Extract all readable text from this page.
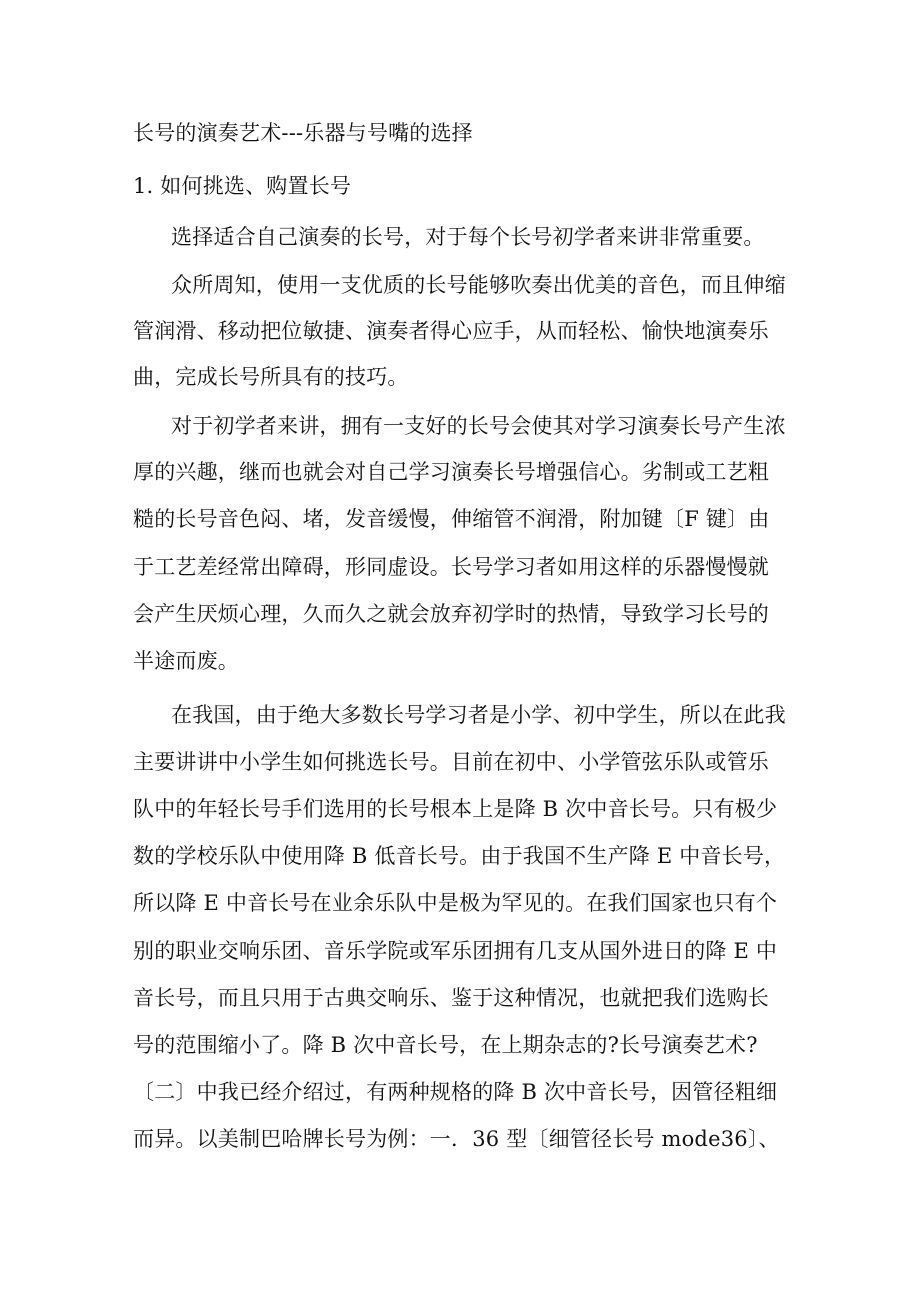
长号的演奏艺术---乐器与号嘴的选择
1. 如何挑选、购置长号
选择适合自己演奏的长号，对于每个长号初学者来讲非常重要。
众所周知，使用一支优质的长号能够吹奏出优美的音色，而且伸缩
管润滑、移动把位敏捷、演奏者得心应手，从而轻松、愉快地演奏乐
曲，完成长号所具有的技巧。
对于初学者来讲，拥有一支好的长号会使其对学习演奏长号产生浓
厚的兴趣，继而也就会对自己学习演奏长号增强信心。劣制或工艺粗
糙的长号音色闷、堵，发音缓慢，伸缩管不润滑，附加键〔F 键〕由
于工艺差经常出障碍，形同虚设。长号学习者如用这样的乐器慢慢就
会产生厌烦心理，久而久之就会放弃初学时的热情，导致学习长号的
半途而废。
在我国，由于绝大多数长号学习者是小学、初中学生，所以在此我
主要讲讲中小学生如何挑选长号。目前在初中、小学管弦乐队或管乐
队中的年轻长号手们选用的长号根本上是降 B 次中音长号。只有极少
数的学校乐队中使用降 B 低音长号。由于我国不生产降 E 中音长号，
所以降 E 中音长号在业余乐队中是极为罕见的。在我们国家也只有个
别的职业交响乐团、音乐学院或军乐团拥有几支从国外进日的降 E 中
音长号，而且只用于古典交响乐、鉴于这种情况，也就把我们选购长
号的范围缩小了。降 B 次中音长号，在上期杂志的?长号演奏艺术?
〔二〕中我已经介绍过，有两种规格的降 B 次中音长号，因管径粗细
而异。以美制巴哈牌长号为例：一．36 型〔细管径长号 mode36〕、
